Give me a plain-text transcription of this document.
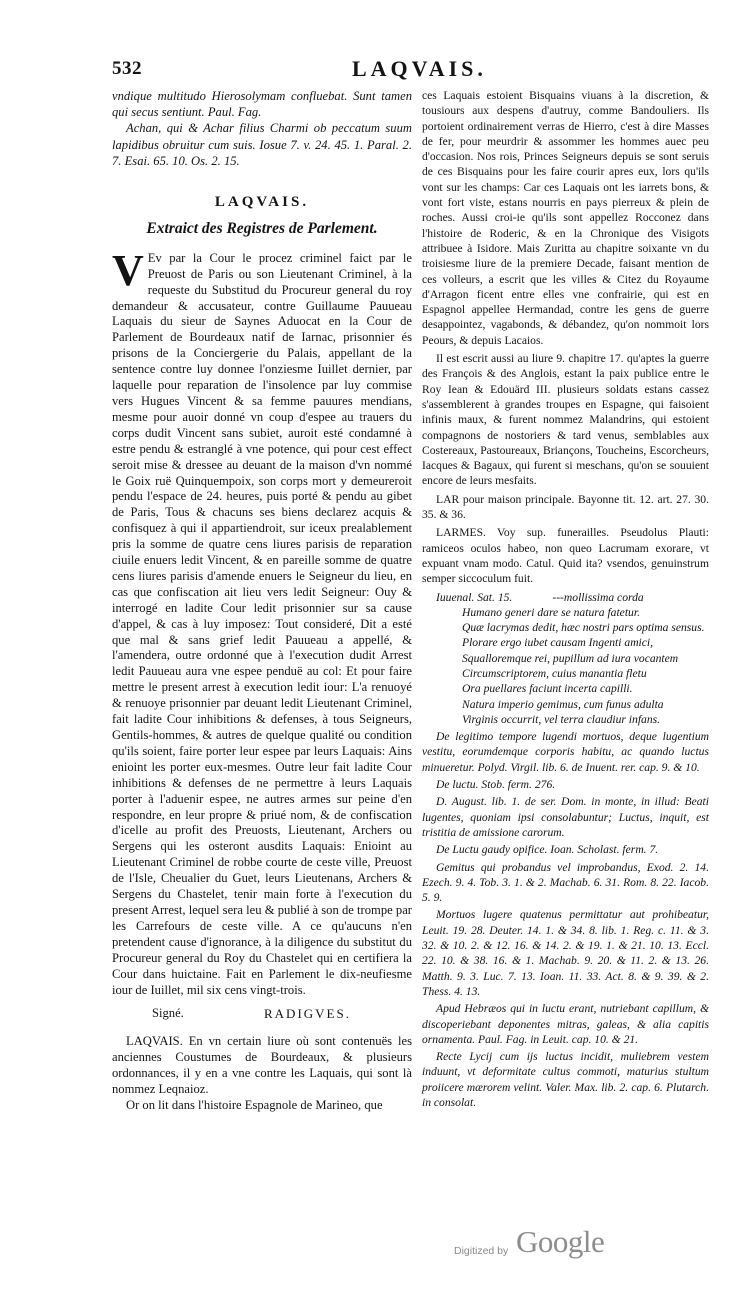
532	LAQVAIS.

vndique multitudo Hierosolymam confluebat. Sunt tamen qui secus sentiunt. Paul. Fag.

Achan, qui & Achar filius Charmi ob peccatum suum lapidibus obruitur cum suis. Iosue 7. v. 24. 45. 1. Paral. 2. 7. Esai. 65. 10. Os. 2. 15.

LAQVAIS.
Extraict des Registres de Parlement.

V Ev par la Cour le procez criminel faict par le Preuost de Paris ou son Lieutenant Criminel, à la requeste du Substitud du Procureur general du roy demandeur & accusateur, contre Guillaume Pauueau Laquais du sieur de Saynes Aduocat en la Cour de Parlement de Bourdeaux natif de Iarnac, prisonnier és prisons de la Conciergerie du Palais, appellant de la sentence contre luy donnee l'onziesme Iuillet dernier, par laquelle pour reparation de l'insolence par luy commise vers Hugues Vincent & sa femme pauures mendians, mesme pour auoir donné vn coup d'espee au trauers du corps dudit Vincent sans subiet, auroit esté condamné à estre pendu & estranglé à vne potence, qui pour cest effect seroit mise & dressee au deuant de la maison d'vn nommé le Goix ruë Quinquempoix, son corps mort y demeureroit pendu l'espace de 24. heures, puis porté & pendu au gibet de Paris, Tous & chacuns ses biens declarez acquis & confisquez à qui il appartiendroit, sur iceux prealablement pris la somme de quatre cens liures parisis de reparation ciuile enuers ledit Vincent, & en pareille somme de quatre cens liures parisis d'amende enuers le Seigneur du lieu, en cas que confiscation ait lieu vers ledit Seigneur: Ouy & interrogé en ladite Cour ledit prisonnier sur sa cause d'appel, & cas à luy imposez: Tout consideré, Dit a esté que mal & sans grief ledit Pauueau a appellé, & l'amendera, outre ordonné que à l'execution dudit Arrest ledit Pauueau aura vne espee penduë au col: Et pour faire mettre le present arrest à execution ledit iour: L'a renuoyé & renuoye prisonnier par deuant ledit Lieutenant Criminel, fait ladite Cour inhibitions & defenses, à tous Seigneurs, Gentils-hommes, & autres de quelque qualité ou condition qu'ils soient, faire porter leur espee par leurs Laquais: Ains enioint les porter eux-mesmes. Outre leur fait ladite Cour inhibitions & defenses de ne permettre à leurs Laquais porter à l'aduenir espee, ne autres armes sur peine d'en respondre, en leur propre & priué nom, & de confiscation d'icelle au profit des Preuosts, Lieutenant, Archers ou Sergens qui les osteront ausdits Laquais: Enioint au Lieutenant Criminel de robbe courte de ceste ville, Preuost de l'Isle, Cheualier du Guet, leurs Lieutenans, Archers & Sergens du Chastelet, tenir main forte à l'execution du present Arrest, lequel sera leu & publié à son de trompe par les Carrefours de ceste ville. A ce qu'aucuns n'en pretendent cause d'ignorance, à la diligence du substitut du Procureur general du Roy du Chastelet qui en certifiera la Cour dans huictaine. Fait en Parlement le dix-neufiesme iour de Iuillet, mil six cens vingt-trois.

Signé.	RADIGVES.

LAQVAIS. En vn certain liure où sont contenuës les anciennes Coustumes de Bourdeaux, & plusieurs ordonnances, il y en a vne contre les Laquais, qui sont là nommez Leqnaioz.

Or on lit dans l'histoire Espagnole de Marineo, que

ces Laquais estoient Bisquains viuans à la discretion, & tousiours aux despens d'autruy, comme Bandouliers. Ils portoient ordinairement verras de Hierro, c'est à dire Masses de fer, pour meurdrir & assommer les hommes auec peu d'occasion. Nos rois, Princes Seigneurs depuis se sont seruis de ces Bisquains pour les faire courir apres eux, lors qu'ils vont sur les champs: Car ces Laquais ont les iarrets bons, & vont fort viste, estans nourris en pays pierreux & plein de roches. Aussi croi-ie qu'ils sont appellez Rocconez dans l'histoire de Roderic, & en la Chronique des Visigots attribuee à Isidore. Mais Zuritta au chapitre soixante vn du troisiesme liure de la premiere Decade, faisant mention de ces volleurs, a escrit que les villes & Citez du Royaume d'Arragon ficent entre elles vne confrairie, qui est en Espagnol appellee Hermandad, contre les gens de guerre desappointez, vagabonds, & débandez, qu'on nommoit lors Peours, & depuis Lacaios.

Il est escrit aussi au liure 9. chapitre 17. qu'aptes la guerre des François & des Anglois, estant la paix publice entre le Roy Iean & Edouärd III. plusieurs soldats estans cassez s'assemblerent à grandes troupes en Espagne, qui faisoient infinis maux, & furent nommez Malandrins, qui estoient compagnons de nostoriers & tard venus, semblables aux Costereaux, Pastoureaux, Briançons, Toucheins, Escorcheurs, Iacques & Bagaux, qui furent si meschans, qu'on se souuient encore de leurs mesfaits.

LAR pour maison principale. Bayonne tit. 12. art. 27. 30. 35. & 36.

LARMES. Voy sup. funerailles. Pseudolus Plauti: ramiceos oculos habeo, non queo Lacrumam exorare, vt expuant vnam modo. Catul. Quid ita? vsendos, genuinstrum semper siccoculum fuit.

Iuuenal. Sat. 15.	---mollissima corda

Humano generi dare se natura fatetur.

Quæ lacrymas dedit, hæc nostri pars optima sensus.

Plorare ergo iubet causam Ingenti amici,

Squalloremque rei, pupillum ad iura vocantem

Circumscriptorem, cuius manantia fletu

Ora puellares faciunt incerta capilli.

Natura imperio gemimus, cum funus adulta

Virginis occurrit, vel terra claudiur infans.

De legitimo tempore lugendi mortuos, deque lugentium vestitu, eorumdemque corporis habitu, ac quando luctus minueretur. Polyd. Virgil. lib. 6. de Inuent. rer. cap. 9. & 10.

De luctu. Stob. ferm. 276.

D. August. lib. 1. de ser. Dom. in monte, in illud: Beati lugentes, quoniam ipsi consolabuntur; Luctus, inquit, est tristitia de amissione carorum.

De Luctu gaudy opifice. Ioan. Scholast. ferm. 7.

Gemitus qui probandus vel improbandus, Exod. 2. 14. Ezech. 9. 4. Tob. 3. 1. & 2. Machab. 6. 31. Rom. 8. 22. Iacob. 5. 9.

Mortuos lugere quatenus permittatur aut prohibeatur, Leuit. 19. 28. Deuter. 14. 1. & 34. 8. lib. 1. Reg. c. 11. & 3. 32. & 10. 2. & 12. 16. & 14. 2. & 19. 1. & 21. 10. 13. Eccl. 22. 10. & 38. 16. & 1. Machab. 9. 20. & 11. 2. & 13. 26. Matth. 9. 3. Luc. 7. 13. Ioan. 11. 33. Act. 8. & 9. 39. & 2. Thess. 4. 13.

Apud Hebræos qui in luctu erant, nutriebant capillum, & discoperiebant deponentes mitras, galeas, & alia capitis ornamenta. Paul. Fag. in Leuit. cap. 10. & 21.

Recte Lycij cum ijs luctus incidit, muliebrem vestem induunt, vt deformitate cultus commoti, maturius stultum proiicere mærorem velint. Valer. Max. lib. 2. cap. 6. Plutarch. in consolat.

Digitized by Google
